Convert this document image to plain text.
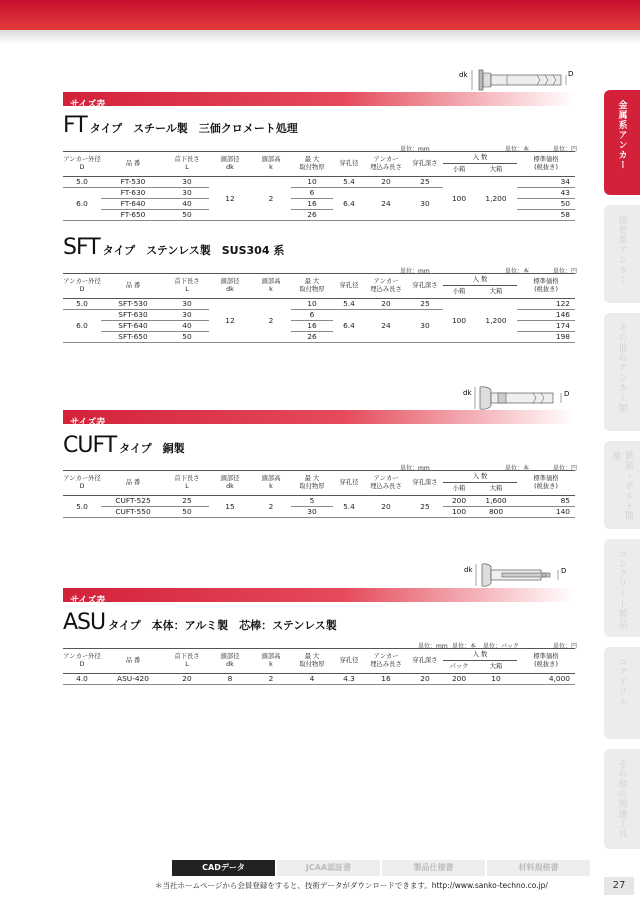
金属系アンカー
接着系アンカー
その他のアンカー類
鉄筋・ボルト関連
コンクリート製品
コアドリル
その他の関連工具
dk	D
サイズ表
FT タイプ　スチール製　三価クロメート処理
単位：mm	単位：本	単位：円
アンカー外径
D	品 番	首下長さ
L	頭部径
dk	頭部高
k	最 大
取付物厚	穿孔径	アンカー
埋込み長さ	穿孔深さ	入 数		標準価格
(税抜き)
									小箱	大箱	
5.0	FT-530	30	12	2	10	5.4	20	25	100	1,200	34
6.0	FT-630	30			6	6.4	24	30			43
	FT-640	40			16						50
	FT-650	50			26						58
SFT タイプ　ステンレス製　SUS304 系
単位：mm	単位：本	単位：円
アンカー外径
D	品 番	首下長さ
L	頭部径
dk	頭部高
k	最 大
取付物厚	穿孔径	アンカー
埋込み長さ	穿孔深さ	入 数		標準価格
(税抜き)
									小箱	大箱	
5.0	SFT-530	30	12	2	10	5.4	20	25	100	1,200	122
6.0	SFT-630	30			6	6.4	24	30			146
	SFT-640	40			16						174
	SFT-650	50			26						198
dk	D
サイズ表
CUFT タイプ　銅製
単位：mm	単位：本	単位：円
アンカー外径
D	品 番	首下長さ
L	頭部径
dk	頭部高
k	最 大
取付物厚	穿孔径	アンカー
埋込み長さ	穿孔深さ	入 数		標準価格
(税抜き)
									小箱	大箱	
5.0	CUFT-525	25	15	2	5	5.4	20	25	200	1,600	85
	CUFT-550	50			30				100	800	140
dk	D
サイズ表
ASU タイプ　本体：アルミ製　芯棒：ステンレス製
単位：mm 単位：本 単位：パック	単位：円
アンカー外径
D	品 番	首下長さ
L	頭部径
dk	頭部高
k	最 大
取付物厚	穿孔径	アンカー
埋込み長さ	穿孔深さ	入 数		標準価格
(税抜き)
									パック	大箱	
4.0	ASU-420	20	8	2	4	4.3	16	20	200	10	4,000
CADデータ	JCAA認証書	製品仕様書	材料規格書
＊当社ホームページから会員登録をすると、技術データがダウンロードできます。http://www.sanko-techno.co.jp/	27
